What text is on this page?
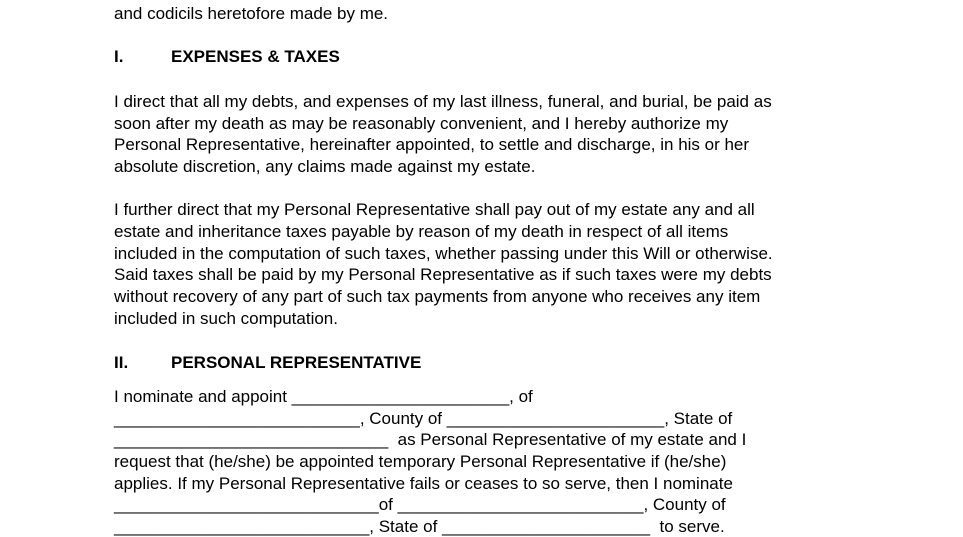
and codicils heretofore made by me.
I.	EXPENSES & TAXES
I direct that all my debts, and expenses of my last illness, funeral, and burial, be paid as
soon after my death as may be reasonably convenient, and I hereby authorize my
Personal Representative, hereinafter appointed, to settle and discharge, in his or her
absolute discretion, any claims made against my estate.
I further direct that my Personal Representative shall pay out of my estate any and all
estate and inheritance taxes payable by reason of my death in respect of all items
included in the computation of such taxes, whether passing under this Will or otherwise.
Said taxes shall be paid by my Personal Representative as if such taxes were my debts
without recovery of any part of such tax payments from anyone who receives any item
included in such computation.
II.	PERSONAL REPRESENTATIVE
I nominate and appoint _______________________, of
__________________________, County of _______________________, State of
_____________________________  as Personal Representative of my estate and I
request that (he/she) be appointed temporary Personal Representative if (he/she)
applies. If my Personal Representative fails or ceases to so serve, then I nominate
____________________________of __________________________, County of
___________________________, State of ______________________  to serve.
